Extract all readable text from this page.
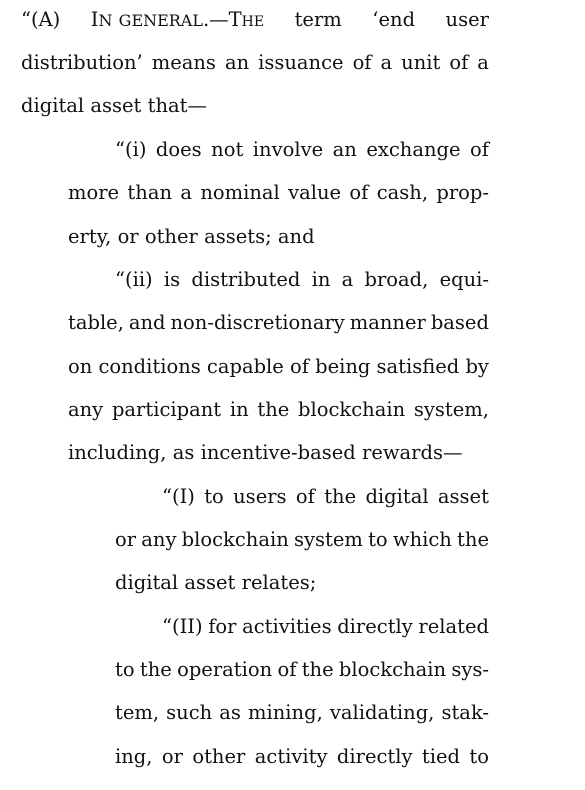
“(A) IN GENERAL.—The term ‘end user
distribution’ means an issuance of a unit of a
digital asset that—
“(i) does not involve an exchange of
more than a nominal value of cash, prop-
erty, or other assets; and
“(ii) is distributed in a broad, equi-
table, and non-discretionary manner based
on conditions capable of being satisfied by
any participant in the blockchain system,
including, as incentive-based rewards—
“(I) to users of the digital asset
or any blockchain system to which the
digital asset relates;
“(II) for activities directly related
to the operation of the blockchain sys-
tem, such as mining, validating, stak-
ing, or other activity directly tied to
